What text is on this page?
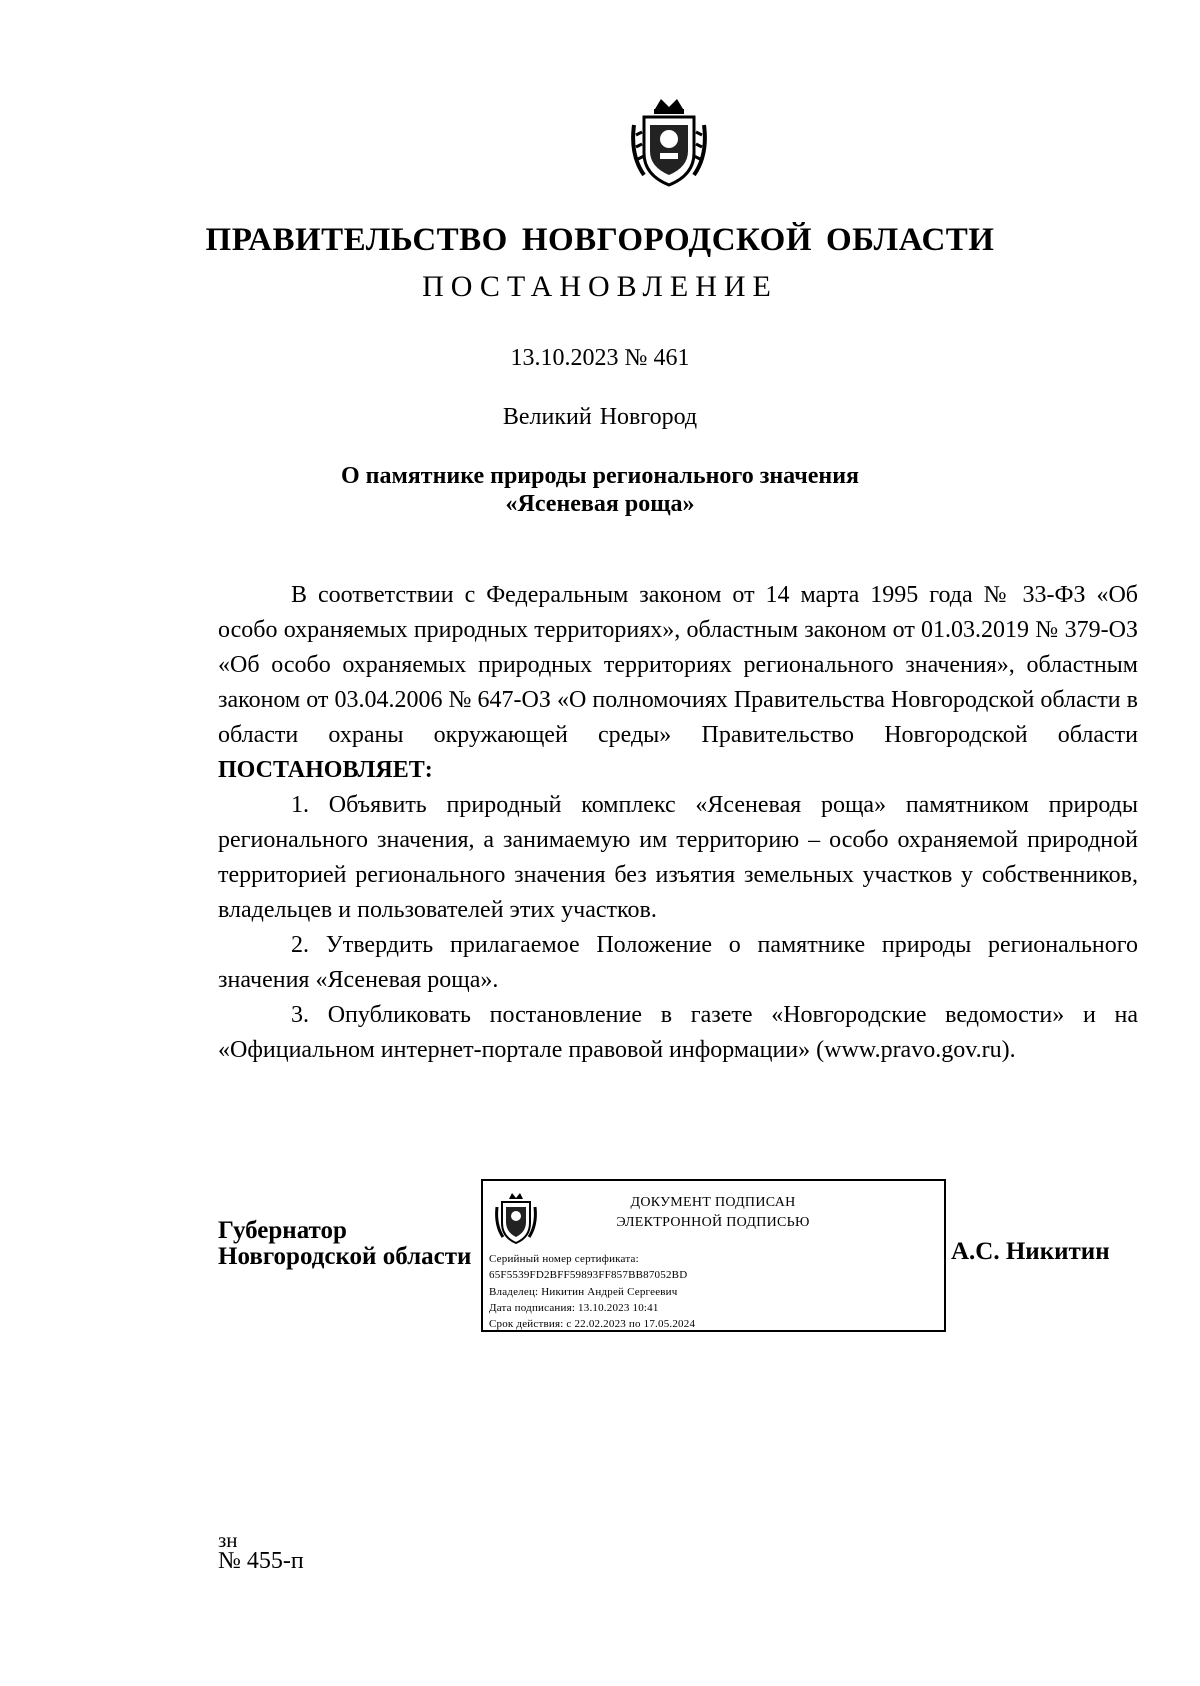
ПРАВИТЕЛЬСТВО НОВГОРОДСКОЙ ОБЛАСТИ
ПОСТАНОВЛЕНИЕ
13.10.2023 № 461
Великий Новгород
О памятнике природы регионального значения
«Ясеневая роща»

В соответствии с Федеральным законом от 14 марта 1995 года № 33-ФЗ «Об особо охраняемых природных территориях», областным законом от 01.03.2019 № 379-ОЗ «Об особо охраняемых природных территориях регионального значения», областным законом от 03.04.2006 № 647-ОЗ «О полномочиях Правительства Новгородской области в области охраны окружающей среды» Правительство Новгородской области ПОСТАНОВЛЯЕТ:

1. Объявить природный комплекс «Ясеневая роща» памятником природы регионального значения, а занимаемую им территорию – особо охраняемой природной территорией регионального значения без изъятия земельных участков у собственников, владельцев и пользователей этих участков.

2. Утвердить прилагаемое Положение о памятнике природы регионального значения «Ясеневая роща».

3. Опубликовать постановление в газете «Новгородские ведомости» и на «Официальном интернет-портале правовой информации» (www.pravo.gov.ru).

Губернатор
Новгородской области
ДОКУМЕНТ ПОДПИСАН
ЭЛЕКТРОННОЙ ПОДПИСЬЮ
Серийный номер сертификата:
65F5539FD2BFF59893FF857BB87052BD
Владелец: Никитин Андрей Сергеевич
Дата подписания: 13.10.2023 10:41
Срок действия: с 22.02.2023 по 17.05.2024
А.С. Никитин
зн
№ 455-п
